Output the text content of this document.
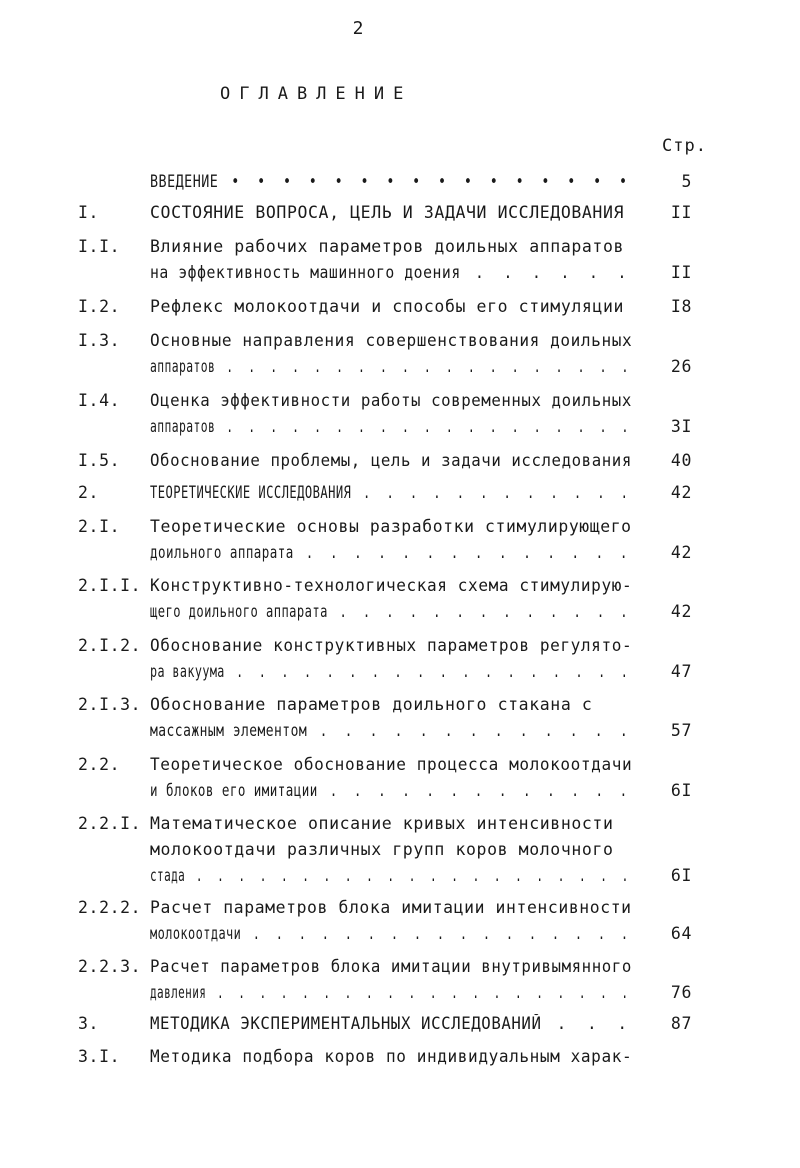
2
ОГЛАВЛЕНИЕ
Стр.
ВВЕДЕНИЕ • • • • • • • • • • • • • • • •	5
I.	СОСТОЯНИЕ ВОПРОСА, ЦЕЛЬ И ЗАДАЧИ ИССЛЕДОВАНИЯ	II
I.I. Влияние рабочих параметров доильных аппаратов
на эффективность машинного доения . . . . . .	II
I.2. Рефлекс молокоотдачи и способы его стимуляции	I8
I.3. Основные направления совершенствования доильных
аппаратов . . . . . . . . . . . . . . . . . . .	26
I.4. Оценка эффективности работы современных доильных
аппаратов . . . . . . . . . . . . . . . . . . .	3I
I.5. Обоснование проблемы, цель и задачи исследования	40
2.	ТЕОРЕТИЧЕСКИЕ ИССЛЕДОВАНИЯ . . . . . . . . . . . .	42
2.I. Теоретические основы разработки стимулирующего
доильного аппарата . . . . . . . . . . . . . .	42
2.I.I. Конструктивно-технологическая схема стимулирую-
щего доильного аппарата . . . . . . . . . . . . .	42
2.I.2. Обоснование конструктивных параметров регулято-
ра вакуума . . . . . . . . . . . . . . . . . .	47
2.I.3. Обоснование параметров доильного стакана с
массажным элементом . . . . . . . . . . . . .	57
2.2. Теоретическое обоснование процесса молокоотдачи
и блоков его имитации . . . . . . . . . . . . .	6I
2.2.I. Математическое описание кривых интенсивности
молокоотдачи различных групп коров молочного
стада . . . . . . . . . . . . . . . . . . . . .	6I
2.2.2. Расчет параметров блока имитации интенсивности
молокоотдачи . . . . . . . . . . . . . . . . .	64
2.2.3. Расчет параметров блока имитации внутривымянного
давления . . . . . . . . . . . . . . . . . . . .	76
3.	МЕТОДИКА ЭКСПЕРИМЕНТАЛЬНЫХ ИССЛЕДОВАНИЙ . . .	87
3.I. Методика подбора коров по индивидуальным харак-
